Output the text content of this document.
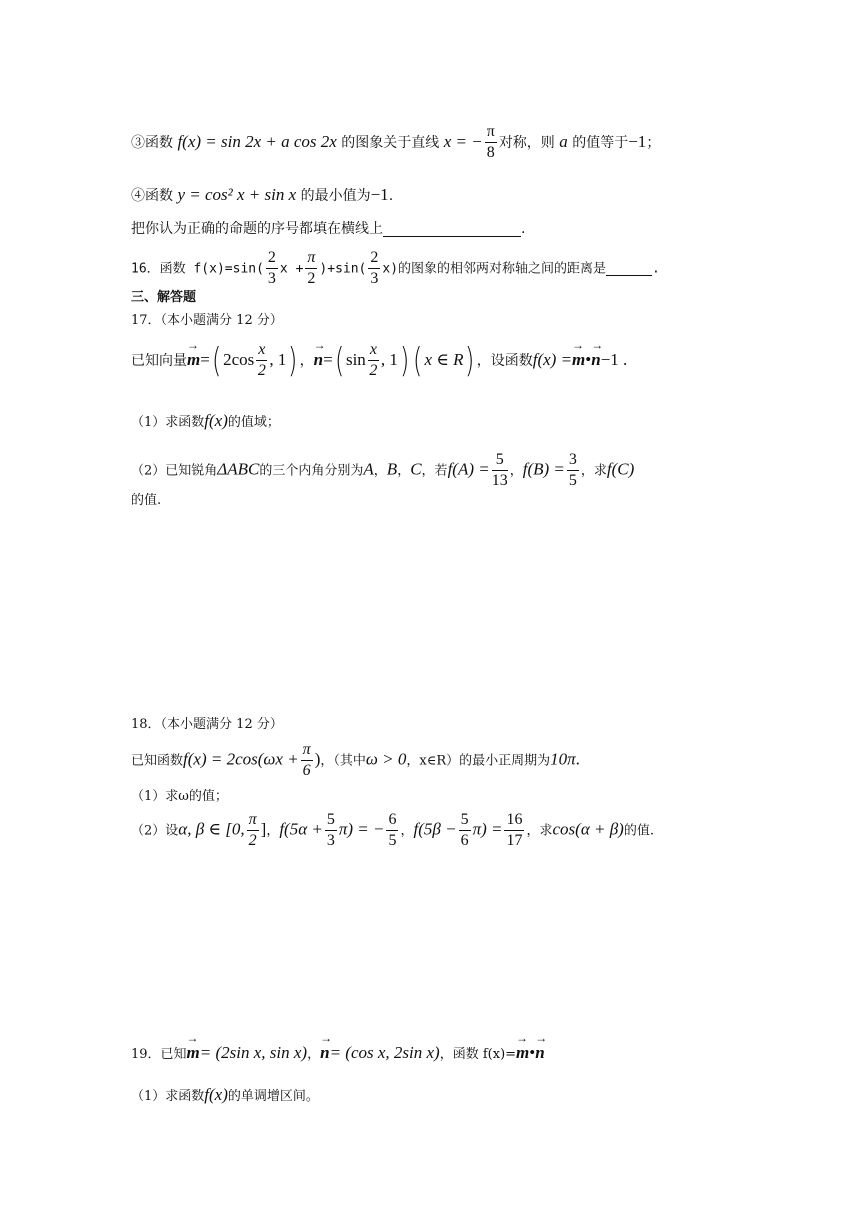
③函数 f(x) = sin 2x + a cos 2x 的图象关于直线 x = − $\frac{\pi}{8}$ 对称，则 a 的值等于−1；
④函数 y = cos² x + sin x 的最小值为−1.
把你认为正确的命题的序号都填在横线上	.
16．函数 $f(x)=\sin( \frac{2}{3}$ $x + \frac{\pi}{2} )+\sin( \frac{2}{3} x)$的图象的相邻两对称轴之间的距离是	.
三、解答题
17．（本小题满分 12 分）
已知向量→ m=( $2\cos \frac{x}{2}$ , 1) ，→ n=( $\sin \frac{x}{2}$ , 1) ( x ∈ R) ，设函数f(x) =→ m•→ n−1 .
（1）求函数f(x)的值域；
（2）已知锐角ΔABC的三个内角分别为A，B，C，若$f(A) = \frac{5}{13}$ ，$f(B) = \frac{3}{5}$ ，求f(C)
的值.
18．（本小题满分 12 分）
已知函数$f(x) = 2\cos(\omega x + \frac{\pi}{6}$ )，（其中ω > 0，x∈R）的最小正周期为10π.
（1）求ω的值；
（2）设α, β ∈ [0, $\frac{\pi}{2}$ ]，$f(5\alpha + \frac{5}{3} \pi)$ = − $\frac{6}{5}$ ，$f(5\beta - \frac{5}{6} \pi) = \frac{16}{17}$ ，求cos(α + β)的值.
19．已知→ m= (2sin x, sin x)，→ n= (cos x, 2sin x)，函数 f(x)=→ m•→ n
（1）求函数f(x)的单调增区间。
